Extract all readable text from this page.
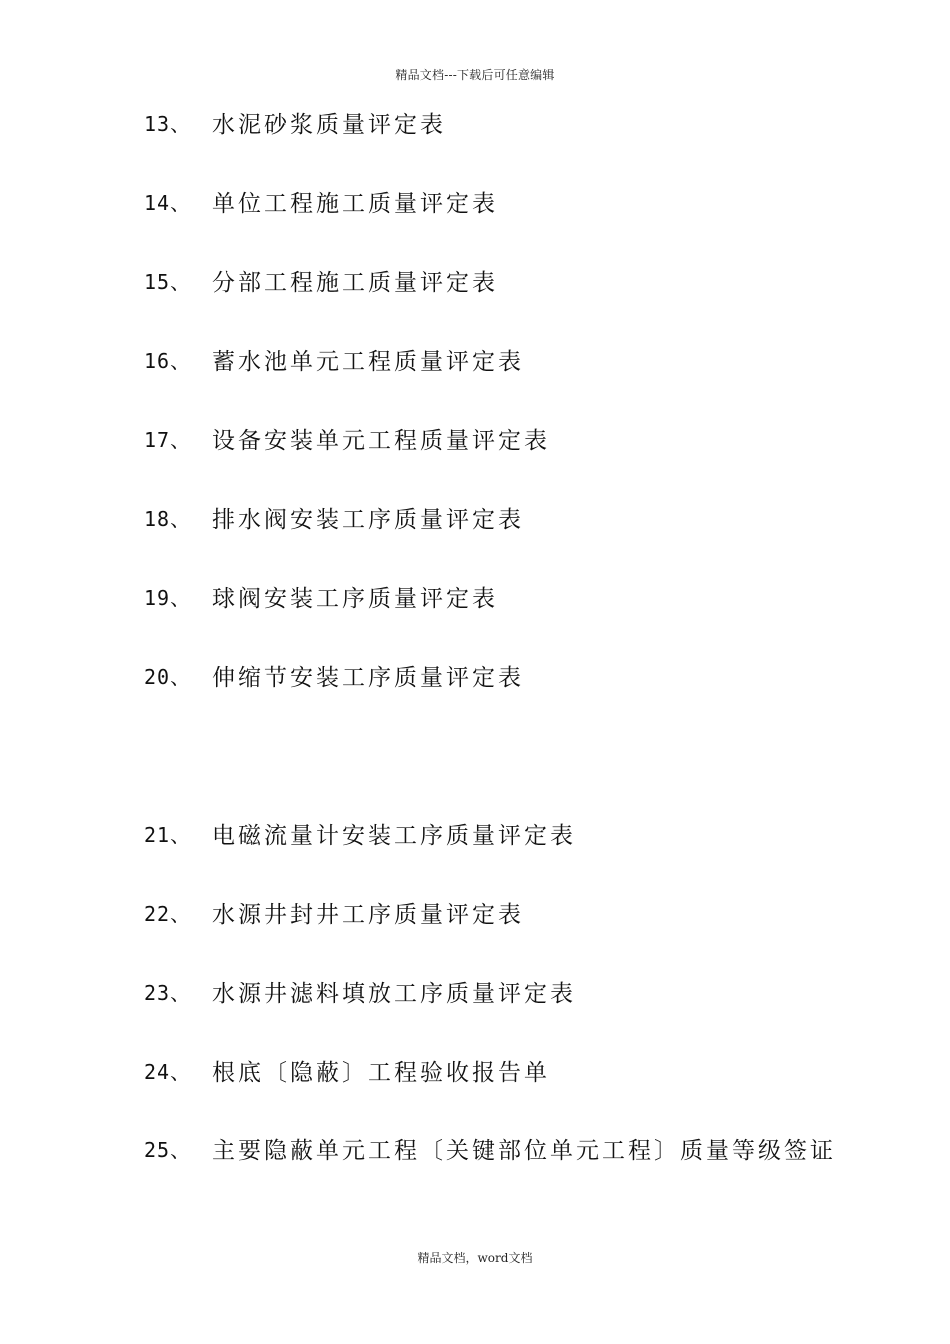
精品文档---下载后可任意编辑
13、 水泥砂浆质量评定表
14、 单位工程施工质量评定表
15、 分部工程施工质量评定表
16、 蓄水池单元工程质量评定表
17、 设备安装单元工程质量评定表
18、 排水阀安装工序质量评定表
19、 球阀安装工序质量评定表
20、 伸缩节安装工序质量评定表
21、 电磁流量计安装工序质量评定表
22、 水源井封井工序质量评定表
23、 水源井滤料填放工序质量评定表
24、 根底〔隐蔽〕工程验收报告单
25、 主要隐蔽单元工程〔关键部位单元工程〕质量等级签证
精品文档，word文档
